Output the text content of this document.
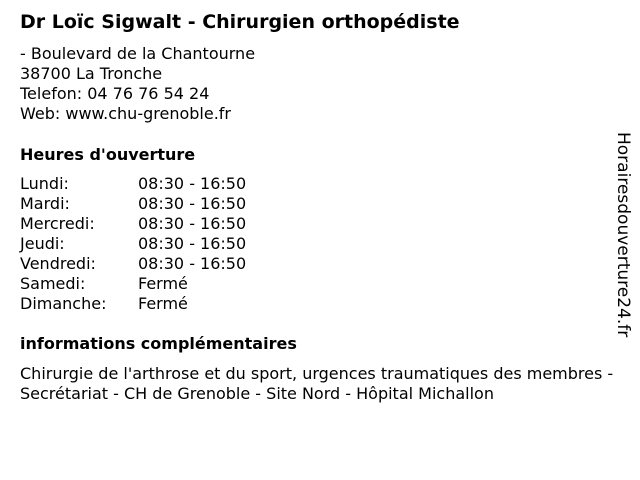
Dr Loïc Sigwalt - Chirurgien orthopédiste
- Boulevard de la Chantourne
38700 La Tronche
Telefon: 04 76 76 54 24
Web: www.chu-grenoble.fr
Heures d'ouverture
Lundi:	08:30 - 16:50
Mardi:	08:30 - 16:50
Mercredi:	08:30 - 16:50
Jeudi:	08:30 - 16:50
Vendredi:	08:30 - 16:50
Samedi:	Fermé
Dimanche:	Fermé
informations complémentaires
Chirurgie de l'arthrose et du sport, urgences traumatiques des membres - Secrétariat - CH de Grenoble - Site Nord - Hôpital Michallon
Horairesdouverture24.fr
